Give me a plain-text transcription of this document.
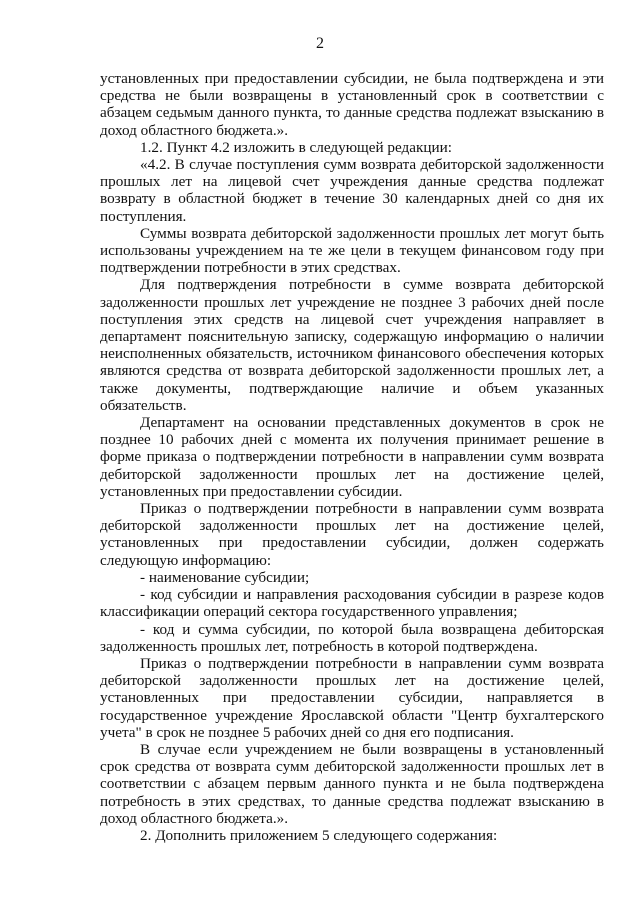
2

установленных при предоставлении субсидии, не была подтверждена и эти средства не были возвращены в установленный срок в соответствии с абзацем седьмым данного пункта, то данные средства подлежат взысканию в доход областного бюджета.».

1.2. Пункт 4.2 изложить в следующей редакции:

«4.2. В случае поступления сумм возврата дебиторской задолженности прошлых лет на лицевой счет учреждения данные средства подлежат возврату в областной бюджет в течение 30 календарных дней со дня их поступления.

Суммы возврата дебиторской задолженности прошлых лет могут быть использованы учреждением на те же цели в текущем финансовом году при подтверждении потребности в этих средствах.

Для подтверждения потребности в сумме возврата дебиторской задолженности прошлых лет учреждение не позднее 3 рабочих дней после поступления этих средств на лицевой счет учреждения направляет в департамент пояснительную записку, содержащую информацию о наличии неисполненных обязательств, источником финансового обеспечения которых являются средства от возврата дебиторской задолженности прошлых лет, а также документы, подтверждающие наличие и объем указанных обязательств.

Департамент на основании представленных документов в срок не позднее 10 рабочих дней с момента их получения принимает решение в форме приказа о подтверждении потребности в направлении сумм возврата дебиторской задолженности прошлых лет на достижение целей, установленных при предоставлении субсидии.

Приказ о подтверждении потребности в направлении сумм возврата дебиторской задолженности прошлых лет на достижение целей, установленных при предоставлении субсидии, должен содержать следующую информацию:

- наименование субсидии;

- код субсидии и направления расходования субсидии в разрезе кодов классификации операций сектора государственного управления;

- код и сумма субсидии, по которой была возвращена дебиторская задолженность прошлых лет, потребность в которой подтверждена.

Приказ о подтверждении потребности в направлении сумм возврата дебиторской задолженности прошлых лет на достижение целей, установленных при предоставлении субсидии, направляется в государственное учреждение Ярославской области "Центр бухгалтерского учета" в срок не позднее 5 рабочих дней со дня его подписания.

В случае если учреждением не были возвращены в установленный срок средства от возврата сумм дебиторской задолженности прошлых лет в соответствии с абзацем первым данного пункта и не была подтверждена потребность в этих средствах, то данные средства подлежат взысканию в доход областного бюджета.».

2. Дополнить приложением 5 следующего содержания:
